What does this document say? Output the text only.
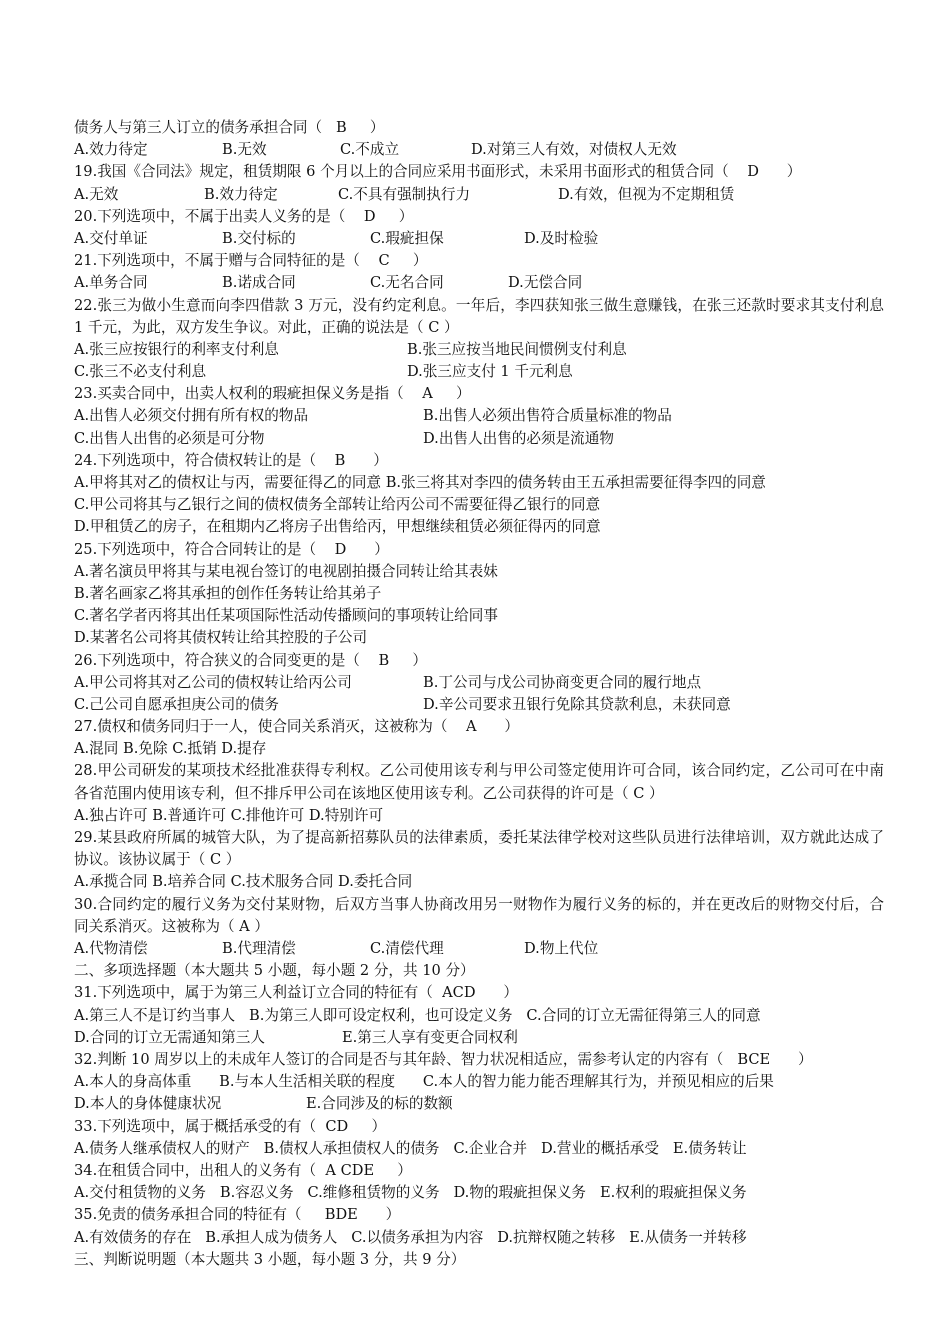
债务人与第三人订立的债务承担合同（   B     ）
A.效力待定	B.无效	C.不成立	D.对第三人有效，对债权人无效
19.我国《合同法》规定，租赁期限 6 个月以上的合同应采用书面形式，未采用书面形式的租赁合同（    D      ）
A.无效	B.效力待定	C.不具有强制执行力	D.有效，但视为不定期租赁
20.下列选项中，不属于出卖人义务的是（    D     ）
A.交付单证	B.交付标的	C.瑕疵担保	D.及时检验
21.下列选项中，不属于赠与合同特征的是（    C     ）
A.单务合同	B.诺成合同	C.无名合同	D.无偿合同
22.张三为做小生意而向李四借款 3 万元，没有约定利息。一年后，李四获知张三做生意赚钱，在张三还款时要求其支付利息 1 千元，为此，双方发生争议。对此，正确的说法是（ C ）
A.张三应按银行的利率支付利息	B.张三应按当地民间惯例支付利息
C.张三不必支付利息	D.张三应支付 1 千元利息
23.买卖合同中，出卖人权利的瑕疵担保义务是指（    A     ）
A.出售人必须交付拥有所有权的物品	B.出售人必须出售符合质量标准的物品
C.出售人出售的必须是可分物	D.出售人出售的必须是流通物
24.下列选项中，符合债权转让的是（    B      ）
A.甲将其对乙的债权让与丙，需要征得乙的同意 B.张三将其对李四的债务转由王五承担需要征得李四的同意
C.甲公司将其与乙银行之间的债权债务全部转让给丙公司不需要征得乙银行的同意
D.甲租赁乙的房子，在租期内乙将房子出售给丙，甲想继续租赁必须征得丙的同意
25.下列选项中，符合合同转让的是（    D      ）
A.著名演员甲将其与某电视台签订的电视剧拍摄合同转让给其表妹
B.著名画家乙将其承担的创作任务转让给其弟子
C.著名学者丙将其出任某项国际性活动传播顾问的事项转让给同事
D.某著名公司将其债权转让给其控股的子公司
26.下列选项中，符合狭义的合同变更的是（    B     ）
A.甲公司将其对乙公司的债权转让给丙公司	B.丁公司与戊公司协商变更合同的履行地点
C.己公司自愿承担庚公司的债务	D.辛公司要求丑银行免除其贷款利息，未获同意
27.债权和债务同归于一人，使合同关系消灭，这被称为（    A      ）
A.混同 B.免除 C.抵销 D.提存
28.甲公司研发的某项技术经批准获得专利权。乙公司使用该专利与甲公司签定使用许可合同，该合同约定，乙公司可在中南各省范围内使用该专利，但不排斥甲公司在该地区使用该专利。乙公司获得的许可是（ C ）
A.独占许可 B.普通许可 C.排他许可 D.特别许可
29.某县政府所属的城管大队，为了提高新招募队员的法律素质，委托某法律学校对这些队员进行法律培训，双方就此达成了协议。该协议属于（ C ）
A.承揽合同 B.培养合同 C.技术服务合同 D.委托合同
30.合同约定的履行义务为交付某财物，后双方当事人协商改用另一财物作为履行义务的标的，并在更改后的财物交付后，合同关系消灭。这被称为（ A ）
A.代物清偿	B.代理清偿	C.清偿代理	D.物上代位
二、多项选择题（本大题共 5 小题，每小题 2 分，共 10 分）
31.下列选项中，属于为第三人利益订立合同的特征有（  ACD      ）
A.第三人不是订约当事人   B.为第三人即可设定权利，也可设定义务   C.合同的订立无需征得第三人的同意
D.合同的订立无需通知第三人	E.第三人享有变更合同权利
32.判断 10 周岁以上的未成年人签订的合同是否与其年龄、智力状况相适应，需参考认定的内容有（   BCE      ）
A.本人的身高体重      B.与本人生活相关联的程度      C.本人的智力能力能否理解其行为，并预见相应的后果
D.本人的身体健康状况	E.合同涉及的标的数额
33.下列选项中，属于概括承受的有（  CD     ）
A.债务人继承债权人的财产   B.债权人承担债权人的债务   C.企业合并   D.营业的概括承受   E.债务转让
34.在租赁合同中，出租人的义务有（  A CDE     ）
A.交付租赁物的义务   B.容忍义务   C.维修租赁物的义务   D.物的瑕疵担保义务   E.权利的瑕疵担保义务
35.免责的债务承担合同的特征有（     BDE      ）
A.有效债务的存在   B.承担人成为债务人   C.以债务承担为内容   D.抗辩权随之转移   E.从债务一并转移
三、判断说明题（本大题共 3 小题，每小题 3 分，共 9 分）
